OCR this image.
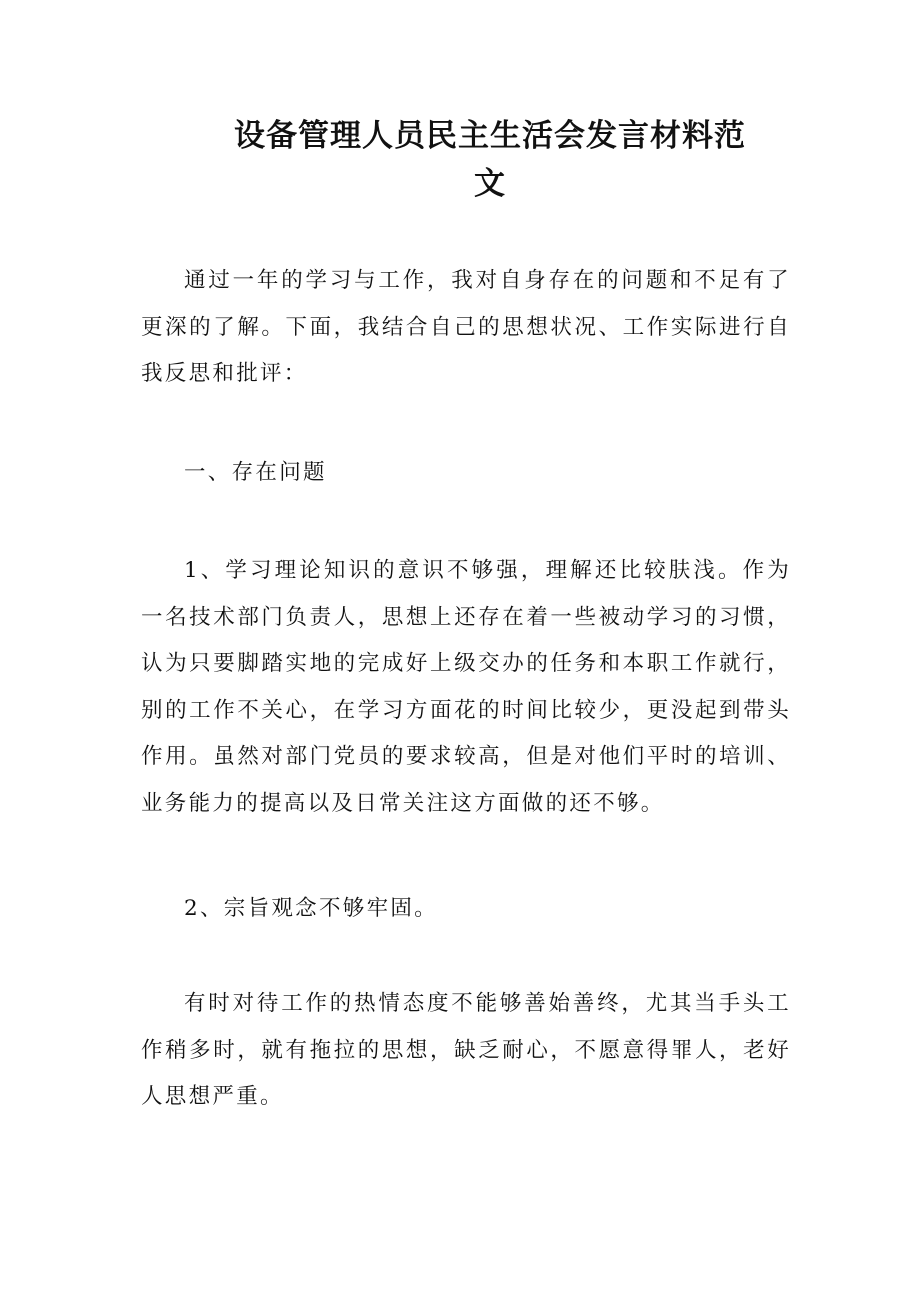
设备管理人员民主生活会发言材料范
文

通过一年的学习与工作，我对自身存在的问题和不足有了更深的了解。下面，我结合自己的思想状况、工作实际进行自我反思和批评：

一、存在问题

1、学习理论知识的意识不够强，理解还比较肤浅。作为一名技术部门负责人，思想上还存在着一些被动学习的习惯，认为只要脚踏实地的完成好上级交办的任务和本职工作就行，别的工作不关心，在学习方面花的时间比较少，更没起到带头作用。虽然对部门党员的要求较高，但是对他们平时的培训、业务能力的提高以及日常关注这方面做的还不够。

2、宗旨观念不够牢固。

有时对待工作的热情态度不能够善始善终，尤其当手头工作稍多时，就有拖拉的思想，缺乏耐心，不愿意得罪人，老好人思想严重。
